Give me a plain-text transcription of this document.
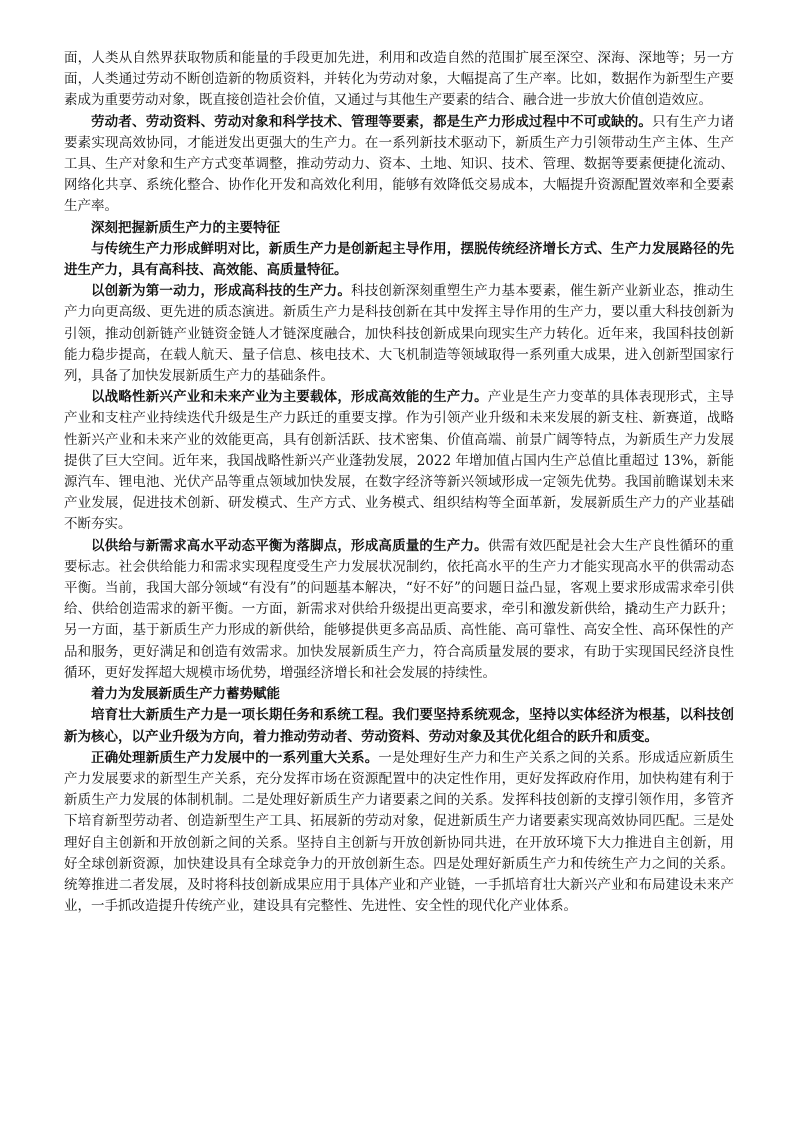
面，人类从自然界获取物质和能量的手段更加先进，利用和改造自然的范围扩展至深空、深海、深地等；另一方面，人类通过劳动不断创造新的物质资料，并转化为劳动对象，大幅提高了生产率。比如，数据作为新型生产要素成为重要劳动对象，既直接创造社会价值，又通过与其他生产要素的结合、融合进一步放大价值创造效应。

劳动者、劳动资料、劳动对象和科学技术、管理等要素，都是生产力形成过程中不可或缺的。只有生产力诸要素实现高效协同，才能迸发出更强大的生产力。在一系列新技术驱动下，新质生产力引领带动生产主体、生产工具、生产对象和生产方式变革调整，推动劳动力、资本、土地、知识、技术、管理、数据等要素便捷化流动、网络化共享、系统化整合、协作化开发和高效化利用，能够有效降低交易成本，大幅提升资源配置效率和全要素生产率。

深刻把握新质生产力的主要特征

与传统生产力形成鲜明对比，新质生产力是创新起主导作用，摆脱传统经济增长方式、生产力发展路径的先进生产力，具有高科技、高效能、高质量特征。

以创新为第一动力，形成高科技的生产力。科技创新深刻重塑生产力基本要素，催生新产业新业态，推动生产力向更高级、更先进的质态演进。新质生产力是科技创新在其中发挥主导作用的生产力，要以重大科技创新为引领，推动创新链产业链资金链人才链深度融合，加快科技创新成果向现实生产力转化。近年来，我国科技创新能力稳步提高，在载人航天、量子信息、核电技术、大飞机制造等领域取得一系列重大成果，进入创新型国家行列，具备了加快发展新质生产力的基础条件。

以战略性新兴产业和未来产业为主要载体，形成高效能的生产力。产业是生产力变革的具体表现形式，主导产业和支柱产业持续迭代升级是生产力跃迁的重要支撑。作为引领产业升级和未来发展的新支柱、新赛道，战略性新兴产业和未来产业的效能更高，具有创新活跃、技术密集、价值高端、前景广阔等特点，为新质生产力发展提供了巨大空间。近年来，我国战略性新兴产业蓬勃发展，2022 年增加值占国内生产总值比重超过 13%，新能源汽车、锂电池、光伏产品等重点领域加快发展，在数字经济等新兴领域形成一定领先优势。我国前瞻谋划未来产业发展，促进技术创新、研发模式、生产方式、业务模式、组织结构等全面革新，发展新质生产力的产业基础不断夯实。

以供给与新需求高水平动态平衡为落脚点，形成高质量的生产力。供需有效匹配是社会大生产良性循环的重要标志。社会供给能力和需求实现程度受生产力发展状况制约，依托高水平的生产力才能实现高水平的供需动态平衡。当前，我国大部分领域“有没有”的问题基本解决，“好不好”的问题日益凸显，客观上要求形成需求牵引供给、供给创造需求的新平衡。一方面，新需求对供给升级提出更高要求，牵引和激发新供给，撬动生产力跃升；另一方面，基于新质生产力形成的新供给，能够提供更多高品质、高性能、高可靠性、高安全性、高环保性的产品和服务，更好满足和创造有效需求。加快发展新质生产力，符合高质量发展的要求，有助于实现国民经济良性循环，更好发挥超大规模市场优势，增强经济增长和社会发展的持续性。

着力为发展新质生产力蓄势赋能

培育壮大新质生产力是一项长期任务和系统工程。我们要坚持系统观念，坚持以实体经济为根基，以科技创新为核心，以产业升级为方向，着力推动劳动者、劳动资料、劳动对象及其优化组合的跃升和质变。

正确处理新质生产力发展中的一系列重大关系。一是处理好生产力和生产关系之间的关系。形成适应新质生产力发展要求的新型生产关系，充分发挥市场在资源配置中的决定性作用，更好发挥政府作用，加快构建有利于新质生产力发展的体制机制。二是处理好新质生产力诸要素之间的关系。发挥科技创新的支撑引领作用，多管齐下培育新型劳动者、创造新型生产工具、拓展新的劳动对象，促进新质生产力诸要素实现高效协同匹配。三是处理好自主创新和开放创新之间的关系。坚持自主创新与开放创新协同共进，在开放环境下大力推进自主创新，用好全球创新资源，加快建设具有全球竞争力的开放创新生态。四是处理好新质生产力和传统生产力之间的关系。统筹推进二者发展，及时将科技创新成果应用于具体产业和产业链，一手抓培育壮大新兴产业和布局建设未来产业，一手抓改造提升传统产业，建设具有完整性、先进性、安全性的现代化产业体系。
